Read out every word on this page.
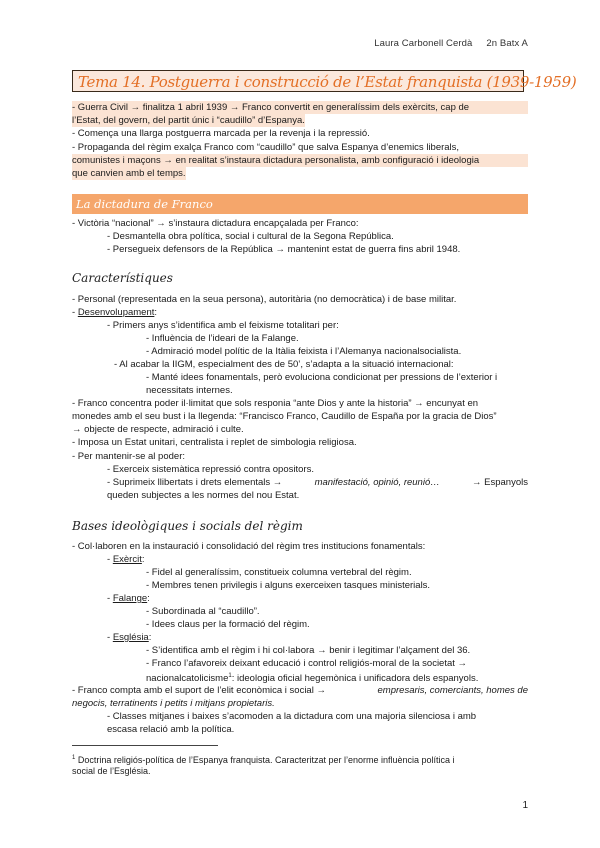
Laura Carbonell Cerdà 2n Batx A
Tema 14. Postguerra i construcció de l’Estat franquista (1939-1959)
- Guerra Civil → finalitza 1 abril 1939 → Franco convertit en generalíssim dels exèrcits, cap de
l’Estat, del govern, del partit únic i “caudillo” d’Espanya.
- Comença una llarga postguerra marcada per la revenja i la repressió.
- Propaganda del règim exalça Franco com “caudillo” que salva Espanya d’enemics liberals,
comunistes i maçons → en realitat s’instaura dictadura personalista, amb configuració i ideologia
que canvien amb el temps.
La dictadura de Franco
- Victòria “nacional” → s’instaura dictadura encapçalada per Franco:
- Desmantella obra política, social i cultural de la Segona República.
- Persegueix defensors de la República → mantenint estat de guerra fins abril 1948.
Característiques
- Personal (representada en la seua persona), autoritària (no democràtica) i de base militar.
- Desenvolupament:
- Primers anys s’identifica amb el feixisme totalitari per:
- Influència de l’ideari de la Falange.
- Admiració model polític de la Itàlia feixista i l’Alemanya nacionalsocialista.
- Al acabar la IIGM, especialment des de 50’, s’adapta a la situació internacional:
- Manté idees fonamentals, però evoluciona condicionat per pressions de l’exterior i
necessitats internes.
- Franco concentra poder il·limitat que sols responia “ante Dios y ante la historia” → encunyat en
monedes amb el seu bust i la llegenda: “Francisco Franco, Caudillo de España por la gracia de Dios”
→ objecte de respecte, admiració i culte.
- Imposa un Estat unitari, centralista i replet de simbologia religiosa.
- Per mantenir-se al poder:
- Exerceix sistemàtica repressió contra opositors.
- Suprimeix llibertats i drets elementals →	manifestació, opinió, reunió…	→ Espanyols
queden subjectes a les normes del nou Estat.
Bases ideològiques i socials del règim
- Col·laboren en la instauració i consolidació del règim tres institucions fonamentals:
- Exèrcit:
- Fidel al generalíssim, constitueix columna vertebral del règim.
- Membres tenen privilegis i alguns exerceixen tasques ministerials.
- Falange:
- Subordinada al “caudillo”.
- Idees claus per la formació del règim.
- Església:
- S’identifica amb el règim i hi col·labora → benir i legitimar l’alçament del 36.
- Franco l’afavoreix deixant educació i control religiós-moral de la societat →
nacionalcatolicisme$^1$: ideologia oficial hegemònica i unificadora dels espanyols.
- Franco compta amb el suport de l’elit econòmica i social →	empresaris, comerciants, homes de
negocis, terratinents i petits i mitjans propietaris.
- Classes mitjanes i baixes s’acomoden a la dictadura com una majoria silenciosa i amb
escasa relació amb la política.
$^1$ Doctrina religiós-política de l’Espanya franquista. Caracteritzat per l’enorme influència política i
social de l’Església.
1
